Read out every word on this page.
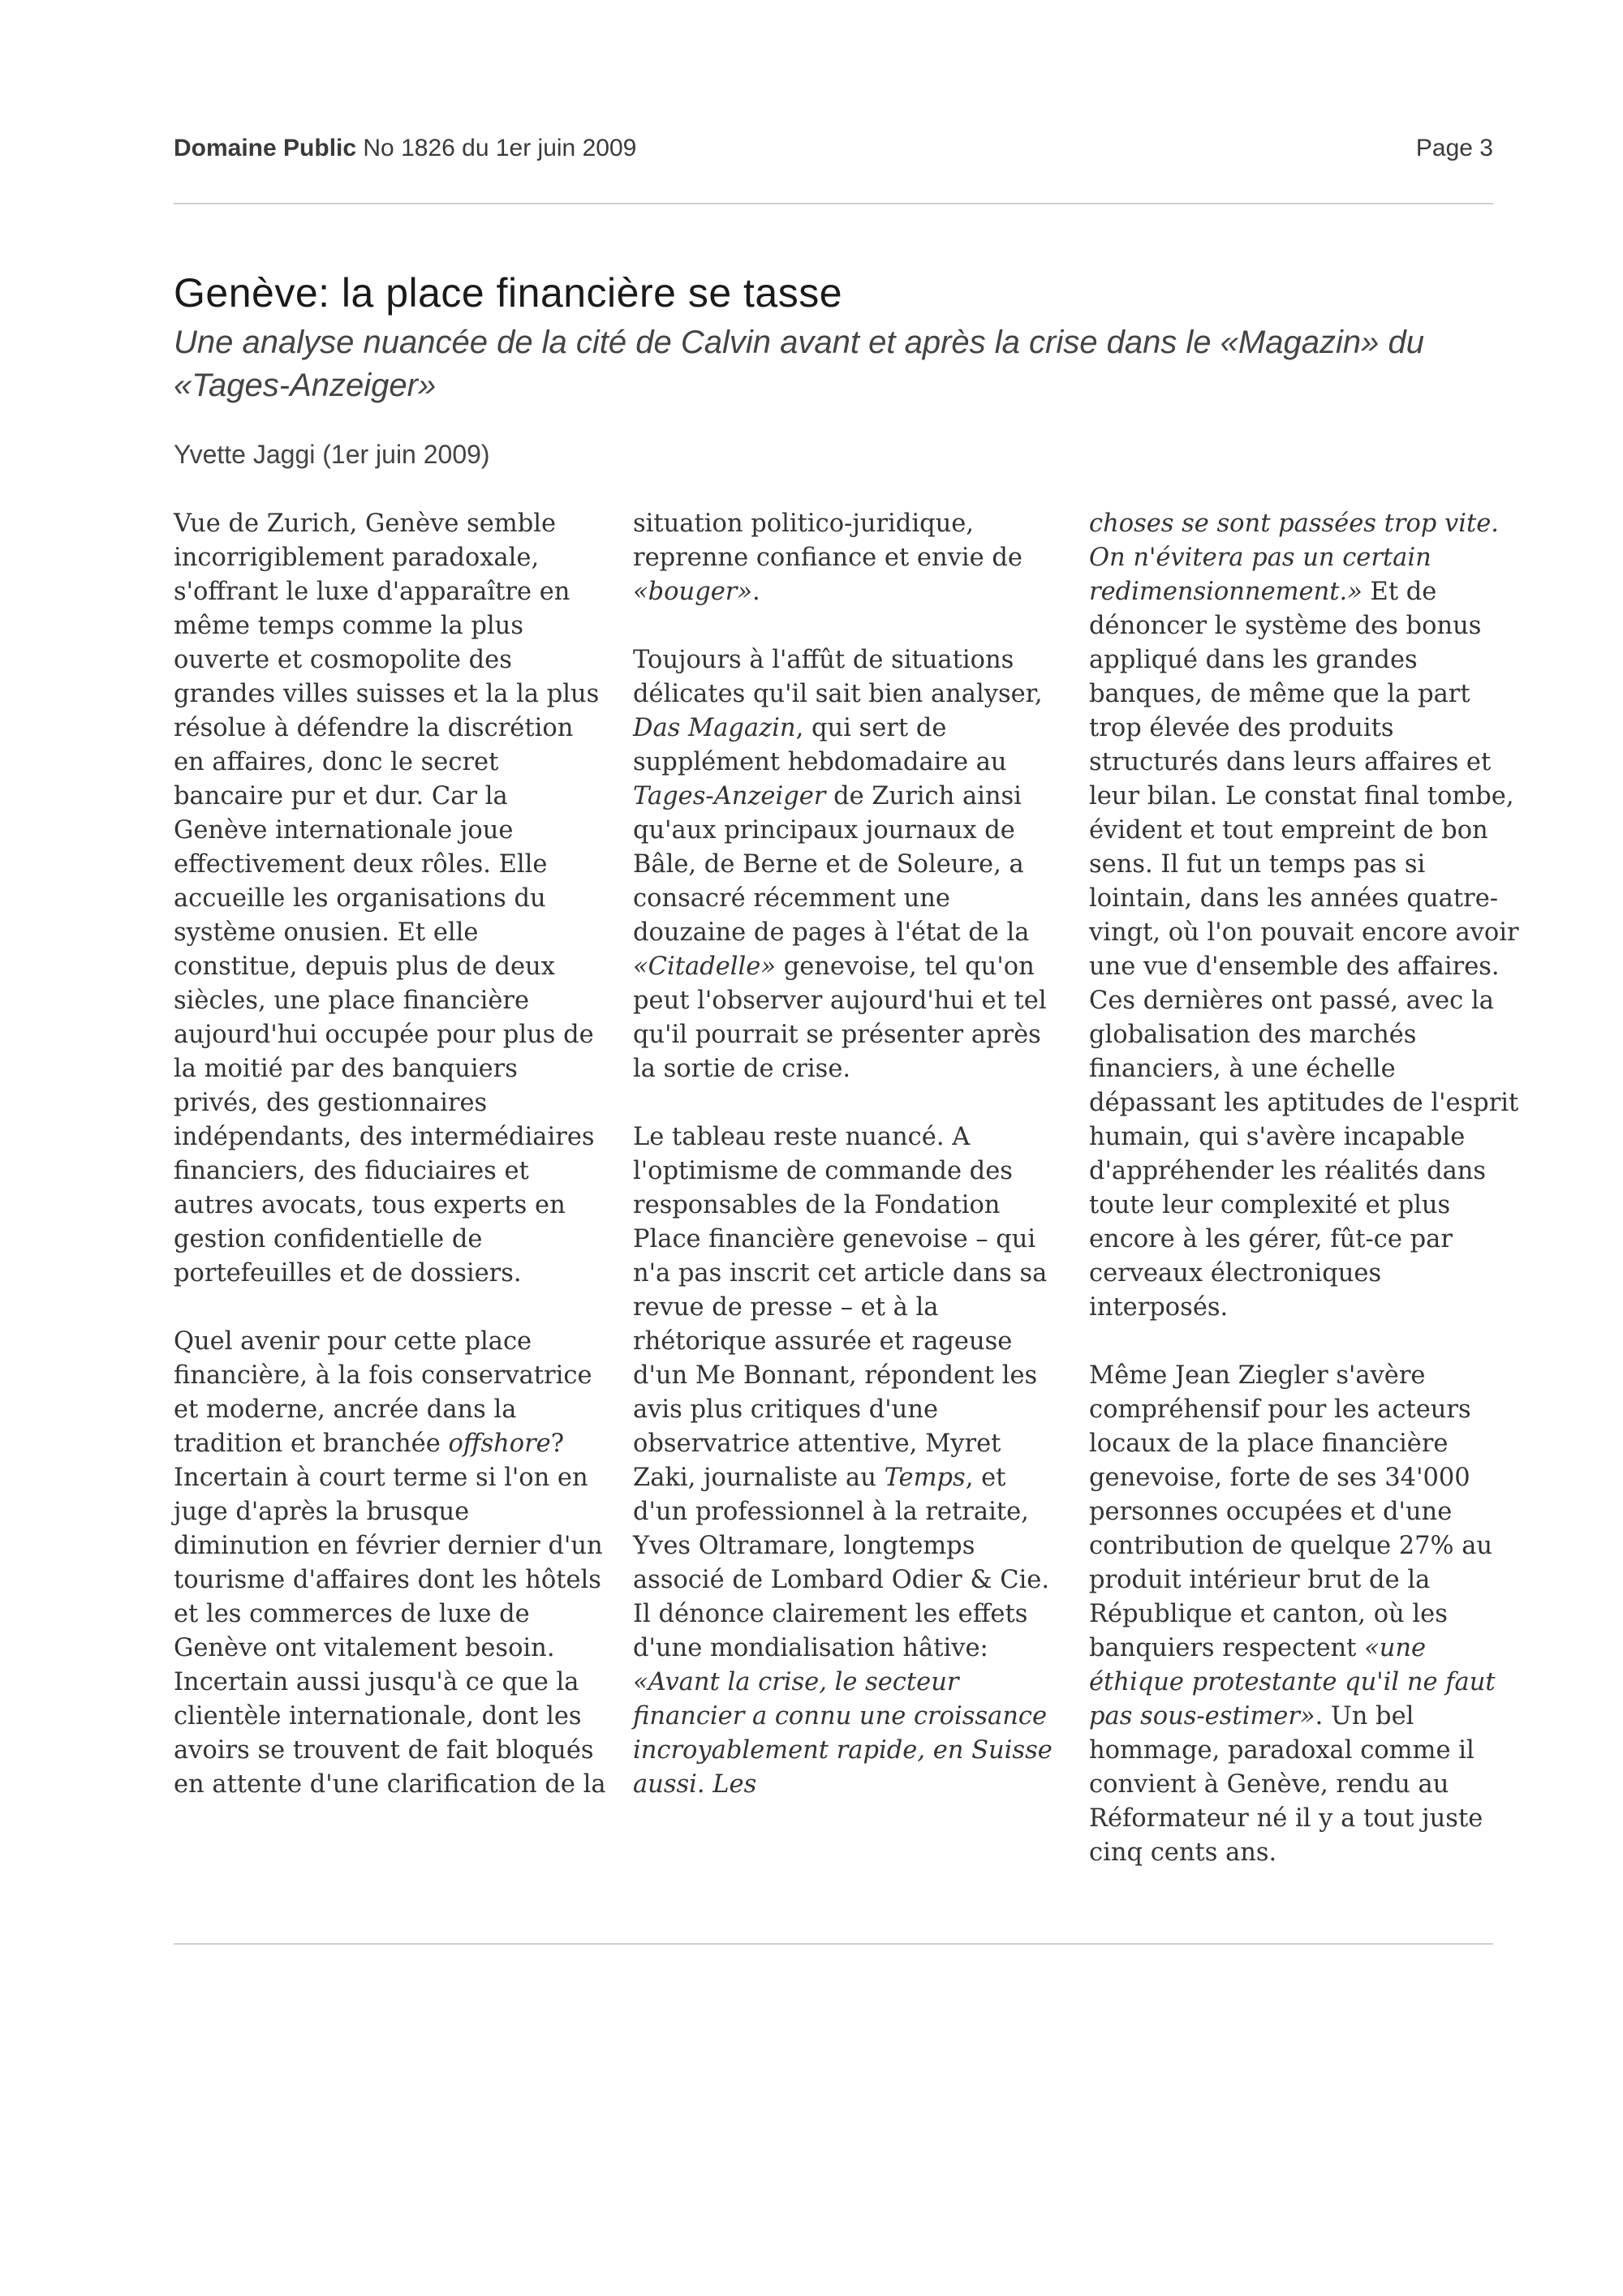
Domaine Public No 1826 du 1er juin 2009	Page 3
Genève: la place financière se tasse
Une analyse nuancée de la cité de Calvin avant et après la crise dans le «Magazin» du «Tages-Anzeiger»
Yvette Jaggi (1er juin 2009)

Vue de Zurich, Genève semble incorrigiblement paradoxale, s'offrant le luxe d'apparaître en même temps comme la plus ouverte et cosmopolite des grandes villes suisses et la la plus résolue à défendre la discrétion en affaires, donc le secret bancaire pur et dur. Car la Genève internationale joue effectivement deux rôles. Elle accueille les organisations du système onusien. Et elle constitue, depuis plus de deux siècles, une place financière aujourd'hui occupée pour plus de la moitié par des banquiers privés, des gestionnaires indépendants, des intermédiaires financiers, des fiduciaires et autres avocats, tous experts en gestion confidentielle de portefeuilles et de dossiers.

Quel avenir pour cette place financière, à la fois conservatrice et moderne, ancrée dans la tradition et branchée offshore? Incertain à court terme si l'on en juge d'après la brusque diminution en février dernier d'un tourisme d'affaires dont les hôtels et les commerces de luxe de Genève ont vitalement besoin. Incertain aussi jusqu'à ce que la clientèle internationale, dont les avoirs se trouvent de fait bloqués en attente d'une clarification de la

situation politico-juridique, reprenne confiance et envie de «bouger».

Toujours à l'affût de situations délicates qu'il sait bien analyser, Das Magazin, qui sert de supplément hebdomadaire au Tages-Anzeiger de Zurich ainsi qu'aux principaux journaux de Bâle, de Berne et de Soleure, a consacré récemment une douzaine de pages à l'état de la «Citadelle» genevoise, tel qu'on peut l'observer aujourd'hui et tel qu'il pourrait se présenter après la sortie de crise.

Le tableau reste nuancé. A l'optimisme de commande des responsables de la Fondation Place financière genevoise – qui n'a pas inscrit cet article dans sa revue de presse – et à la rhétorique assurée et rageuse d'un Me Bonnant, répondent les avis plus critiques d'une observatrice attentive, Myret Zaki, journaliste au Temps, et d'un professionnel à la retraite, Yves Oltramare, longtemps associé de Lombard Odier & Cie. Il dénonce clairement les effets d'une mondialisation hâtive: «Avant la crise, le secteur financier a connu une croissance incroyablement rapide, en Suisse aussi. Les

choses se sont passées trop vite. On n'évitera pas un certain redimensionnement.» Et de dénoncer le système des bonus appliqué dans les grandes banques, de même que la part trop élevée des produits structurés dans leurs affaires et leur bilan. Le constat final tombe, évident et tout empreint de bon sens. Il fut un temps pas si lointain, dans les années quatre-vingt, où l'on pouvait encore avoir une vue d'ensemble des affaires. Ces dernières ont passé, avec la globalisation des marchés financiers, à une échelle dépassant les aptitudes de l'esprit humain, qui s'avère incapable d'appréhender les réalités dans toute leur complexité et plus encore à les gérer, fût-ce par cerveaux électroniques interposés.

Même Jean Ziegler s'avère compréhensif pour les acteurs locaux de la place financière genevoise, forte de ses 34'000 personnes occupées et d'une contribution de quelque 27% au produit intérieur brut de la République et canton, où les banquiers respectent «une éthique protestante qu'il ne faut pas sous-estimer». Un bel hommage, paradoxal comme il convient à Genève, rendu au Réformateur né il y a tout juste cinq cents ans.
